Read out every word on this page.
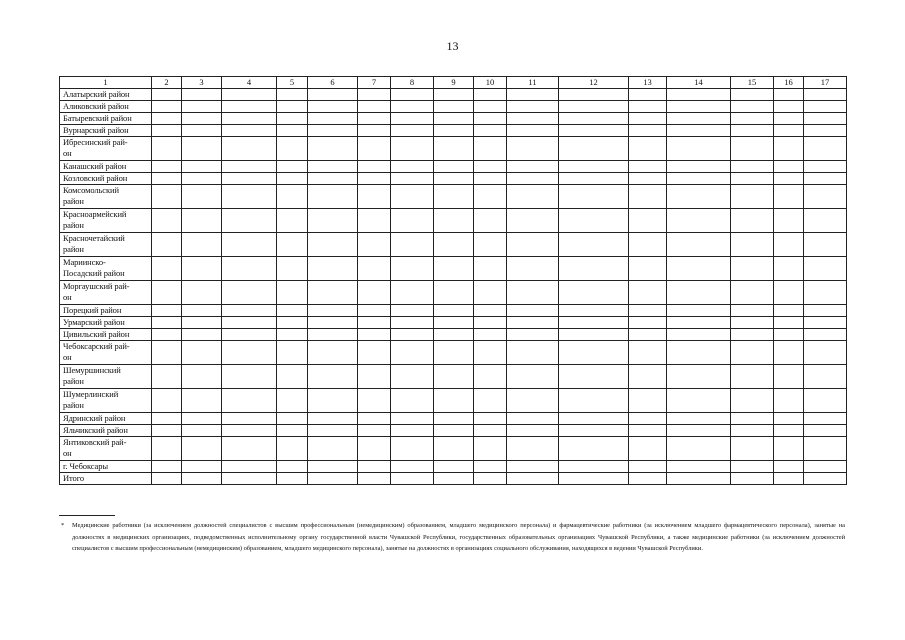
13
1	2	3	4	5	6	7	8	9	10	11	12	13	14	15	16	17

Алатырский район																

Аликовский район																

Батыревский район																

Вурнарский район																

Ибресинский рай-
он																

Канашский район																

Козловский район																

Комсомольский
район																

Красноармейский
район																

Красночетайский
район																

Мариинско-
Посадский район																

Моргаушский рай-
он																

Порецкий район																

Урмарский район																

Цивильский район																

Чебоксарский рай-
он																

Шемуршинский
район																

Шумерлинский
район																

Ядринский район																

Яльчикский район																

Янтиковский рай-
он																

г. Чебоксары																

Итого																

* Медицинские работники (за исключением должностей специалистов с высшим профессиональным (немедицинским) образованием, младшего медицинского персонала) и фармацевтические работники (за исключением младшего фармацевтического персонала), занятые на должностях в медицинских организациях, подведомственных исполнительному органу государственной власти Чувашской Республики, государственных образовательных организациях Чувашской Республики, а также медицинские работники (за исключением должностей специалистов с высшим профессиональным (немедицинским) образованием, младшего медицинского персонала), занятые на должностях в организациях социального обслуживания, находящихся в ведении Чувашской Республики.
